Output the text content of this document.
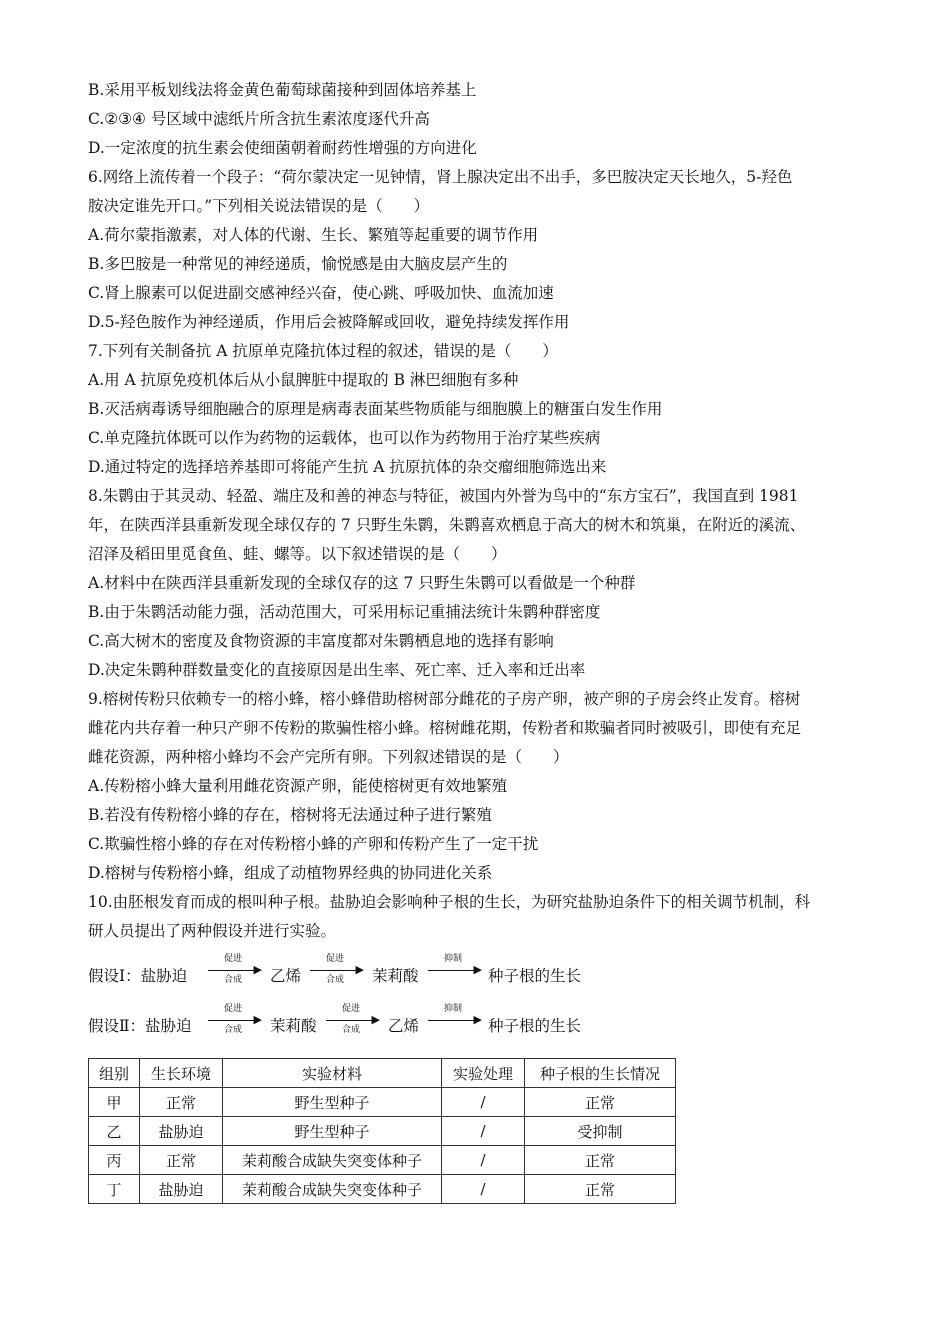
B.采用平板划线法将金黄色葡萄球菌接种到固体培养基上
C.②③④ 号区域中滤纸片所含抗生素浓度逐代升高
D.一定浓度的抗生素会使细菌朝着耐药性增强的方向进化
6.网络上流传着一个段子：“荷尔蒙决定一见钟情，肾上腺决定出不出手，多巴胺决定天长地久，5-羟色
胺决定谁先开口。”下列相关说法错误的是（　　）
A.荷尔蒙指激素，对人体的代谢、生长、繁殖等起重要的调节作用
B.多巴胺是一种常见的神经递质，愉悦感是由大脑皮层产生的
C.肾上腺素可以促进副交感神经兴奋，使心跳、呼吸加快、血流加速
D.5-羟色胺作为神经递质，作用后会被降解或回收，避免持续发挥作用
7.下列有关制备抗 A 抗原单克隆抗体过程的叙述，错误的是（　　）
A.用 A 抗原免疫机体后从小鼠脾脏中提取的 B 淋巴细胞有多种
B.灭活病毒诱导细胞融合的原理是病毒表面某些物质能与细胞膜上的糖蛋白发生作用
C.单克隆抗体既可以作为药物的运载体，也可以作为药物用于治疗某些疾病
D.通过特定的选择培养基即可将能产生抗 A 抗原抗体的杂交瘤细胞筛选出来
8.朱鹮由于其灵动、轻盈、端庄及和善的神态与特征，被国内外誉为鸟中的“东方宝石”，我国直到 1981
年，在陕西洋县重新发现全球仅存的 7 只野生朱鹮，朱鹮喜欢栖息于高大的树木和筑巢，在附近的溪流、
沼泽及稻田里觅食鱼、蛙、螺等。以下叙述错误的是（　　）
A.材料中在陕西洋县重新发现的全球仅存的这 7 只野生朱鹮可以看做是一个种群
B.由于朱鹮活动能力强，活动范围大，可采用标记重捕法统计朱鹮种群密度
C.高大树木的密度及食物资源的丰富度都对朱鹮栖息地的选择有影响
D.决定朱鹮种群数量变化的直接原因是出生率、死亡率、迁入率和迁出率
9.榕树传粉只依赖专一的榕小蜂，榕小蜂借助榕树部分雌花的子房产卵，被产卵的子房会终止发育。榕树
雌花内共存着一种只产卵不传粉的欺骗性榕小蜂。榕树雌花期，传粉者和欺骗者同时被吸引，即使有充足
雌花资源，两种榕小蜂均不会产完所有卵。下列叙述错误的是（　　）
A.传粉榕小蜂大量利用雌花资源产卵，能使榕树更有效地繁殖
B.若没有传粉榕小蜂的存在，榕树将无法通过种子进行繁殖
C.欺骗性榕小蜂的存在对传粉榕小蜂的产卵和传粉产生了一定干扰
D.榕树与传粉榕小蜂，组成了动植物界经典的协同进化关系
10.由胚根发育而成的根叫种子根。盐胁迫会影响种子根的生长，为研究盐胁迫条件下的相关调节机制，科
研人员提出了两种假设并进行实验。
假设Ⅰ：盐胁迫
促进
▶
合成	乙烯
促进
▶
合成	茉莉酸
抑制
▶ 种子根的生长
假设Ⅱ：盐胁迫
促进
▶
合成	茉莉酸
促进
▶
合成	乙烯
抑制
▶ 种子根的生长
组别	生长环境	实验材料	实验处理	种子根的生长情况
甲	正常	野生型种子	/	正常
乙	盐胁迫	野生型种子	/	受抑制
丙	正常	茉莉酸合成缺失突变体种子	/	正常
丁	盐胁迫	茉莉酸合成缺失突变体种子	/	正常
